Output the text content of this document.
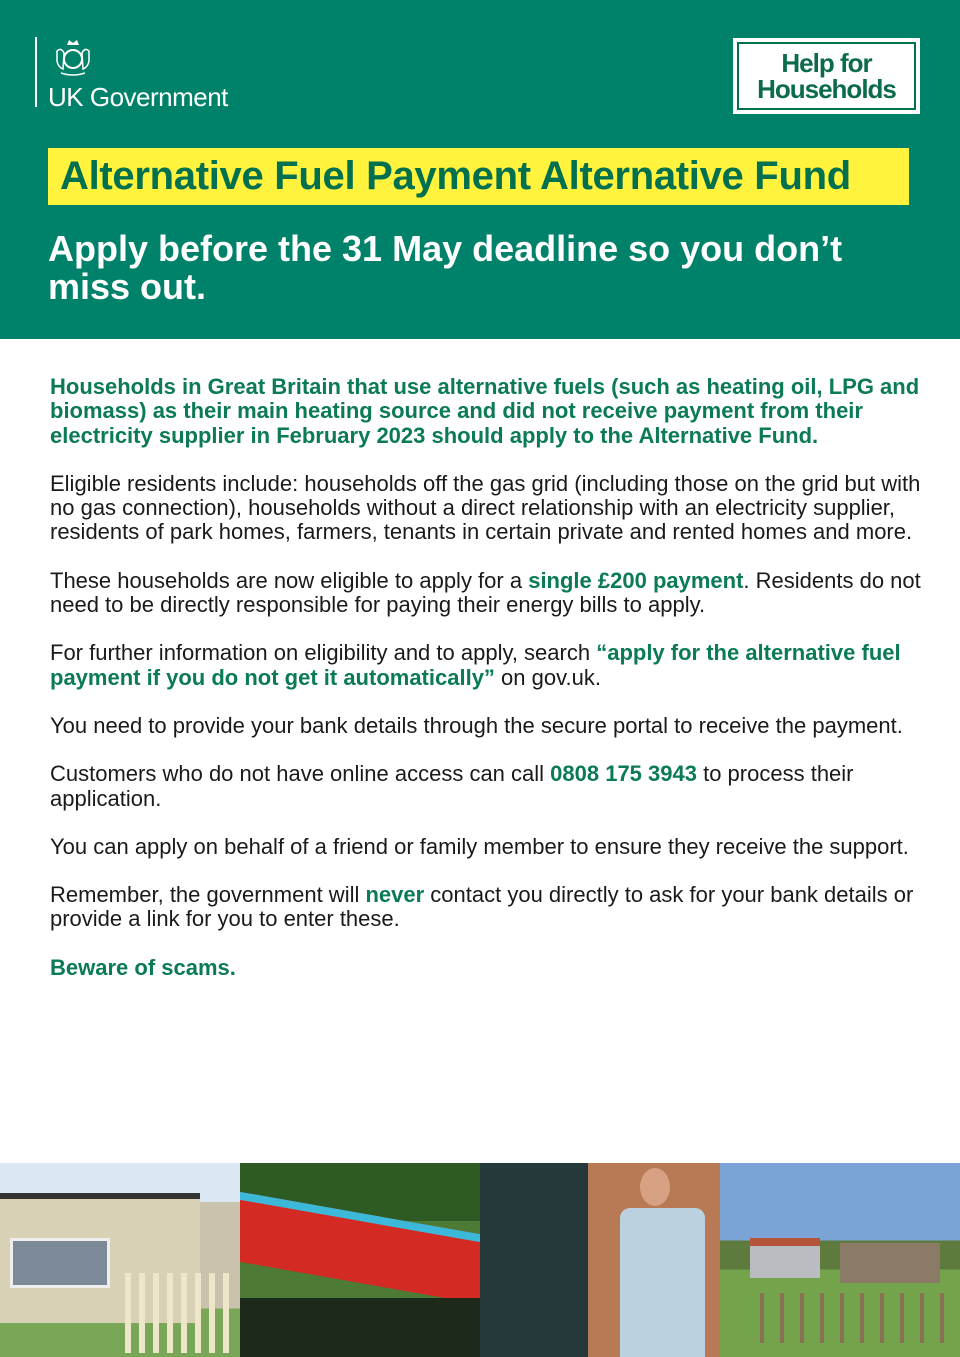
UK Government
Help for
Households
Alternative Fuel Payment Alternative Fund
Apply before the 31 May deadline so you don’t miss out.

Households in Great Britain that use alternative fuels (such as heating oil, LPG and biomass) as their main heating source and did not receive payment from their electricity supplier in February 2023 should apply to the Alternative Fund.

Eligible residents include: households off the gas grid (including those on the grid but with no gas connection), households without a direct relationship with an electricity supplier, residents of park homes, farmers, tenants in certain private and rented homes and more.

These households are now eligible to apply for a single £200 payment. Residents do not need to be directly responsible for paying their energy bills to apply.

For further information on eligibility and to apply, search “apply for the alternative fuel payment if you do not get it automatically” on gov.uk.

You need to provide your bank details through the secure portal to receive the payment.

Customers who do not have online access can call 0808 175 3943 to process their application.

You can apply on behalf of a friend or family member to ensure they receive the support.

Remember, the government will never contact you directly to ask for your bank details or provide a link for you to enter these.

Beware of scams.
